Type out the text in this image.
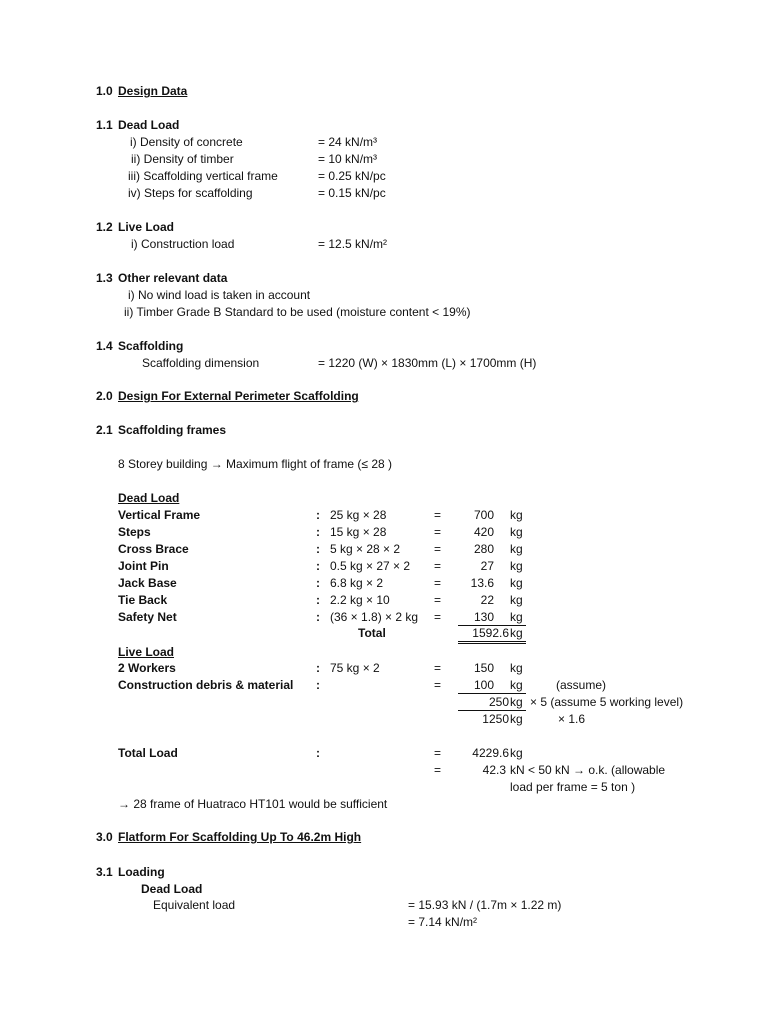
1.0 Design Data
1.1 Dead Load
i) Density of concrete	= 24 kN/m³
ii) Density of timber	= 10 kN/m³
iii) Scaffolding vertical frame	= 0.25 kN/pc
iv) Steps for scaffolding	= 0.15 kN/pc
1.2 Live Load
i) Construction load	= 12.5 kN/m²
1.3 Other relevant data
i) No wind load is taken in account
ii) Timber Grade B Standard to be used (moisture content < 19%)
1.4 Scaffolding
Scaffolding dimension	= 1220 (W) × 1830mm (L) × 1700mm (H)
2.0 Design For External Perimeter Scaffolding
2.1 Scaffolding frames
8 Storey building → Maximum flight of frame (≤ 28 )
Dead Load
Vertical Frame	: 25 kg × 28	=	700 kg
Steps	: 15 kg × 28	=	420 kg
Cross Brace	: 5 kg × 28 × 2	=	280 kg
Joint Pin	: 0.5 kg × 27 × 2 =	27 kg
Jack Base	: 6.8 kg × 2	=	13.6 kg
Tie Back	: 2.2 kg × 10	=	22 kg
Safety Net	: (36 × 1.8) × 2 kg =	130 kg
Total	1592.6 kg
Live Load
2 Workers	: 75 kg × 2	=	150 kg
Construction debris & material :	=	100 kg	(assume)
250 kg × 5 (assume 5 working level)
1250 kg	× 1.6
Total Load	:	=	4229.6 kg
=	42.3 kN < 50 kN → o.k. (allowable
load per frame = 5 ton )
→ 28 frame of Huatraco HT101 would be sufficient
3.0 Flatform For Scaffolding Up To 46.2m High
3.1 Loading
Dead Load
Equivalent load	= 15.93 kN / (1.7m × 1.22 m)
= 7.14 kN/m²
